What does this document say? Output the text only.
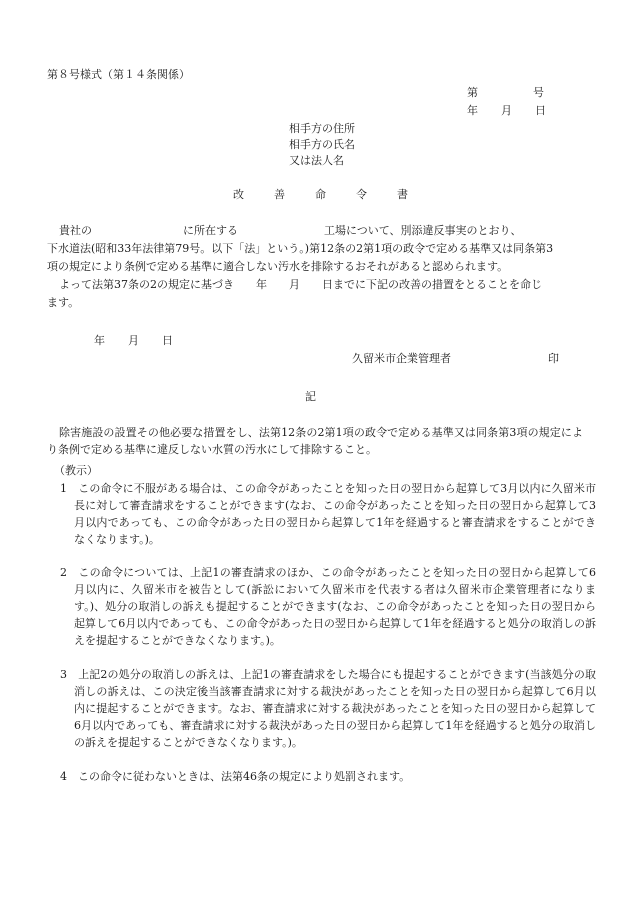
第８号様式（第１４条関係）
第	号
年 月 日
相手方の住所
相手方の氏名
又は法人名
改	善	命	令	書
貴社の	に所在する	工場について、別添違反事実のとおり、
下水道法(昭和33年法律第79号。以下「法」という。)第12条の2第1項の政令で定める基準又は同条第3
項の規定により条例で定める基準に適合しない汚水を排除するおそれがあると認められます。
よって法第37条の2の規定に基づき 年 月 日までに下記の改善の措置をとることを命じ
ます。
年 月 日
久留米市企業管理者	印
記
除害施設の設置その他必要な措置をし、法第12条の2第1項の政令で定める基準又は同条第3項の規定により条例で定める基準に違反しない水質の汚水にして排除すること。
（教示）
1　 この命令に不服がある場合は、この命令があったことを知った日の翌日から起算して3月以内に久留米市長に対して審査請求をすることができます(なお、この命令があったことを知った日の翌日から起算して3月以内であっても、この命令があった日の翌日から起算して1年を経過すると審査請求をすることができなくなります。)。
2　 この命令については、上記1の審査請求のほか、この命令があったことを知った日の翌日から起算して6月以内に、久留米市を被告として(訴訟において久留米市を代表する者は久留米市企業管理者になります。)、処分の取消しの訴えも提起することができます(なお、この命令があったことを知った日の翌日から起算して6月以内であっても、この命令があった日の翌日から起算して1年を経過すると処分の取消しの訴えを提起することができなくなります。)。
3　 上記2の処分の取消しの訴えは、上記1の審査請求をした場合にも提起することができます(当該処分の取消しの訴えは、この決定後当該審査請求に対する裁決があったことを知った日の翌日から起算して6月以内に提起することができます。なお、審査請求に対する裁決があったことを知った日の翌日から起算して6月以内であっても、審査請求に対する裁決があった日の翌日から起算して1年を経過すると処分の取消しの訴えを提起することができなくなります。)。
4　 この命令に従わないときは、法第46条の規定により処罰されます。
